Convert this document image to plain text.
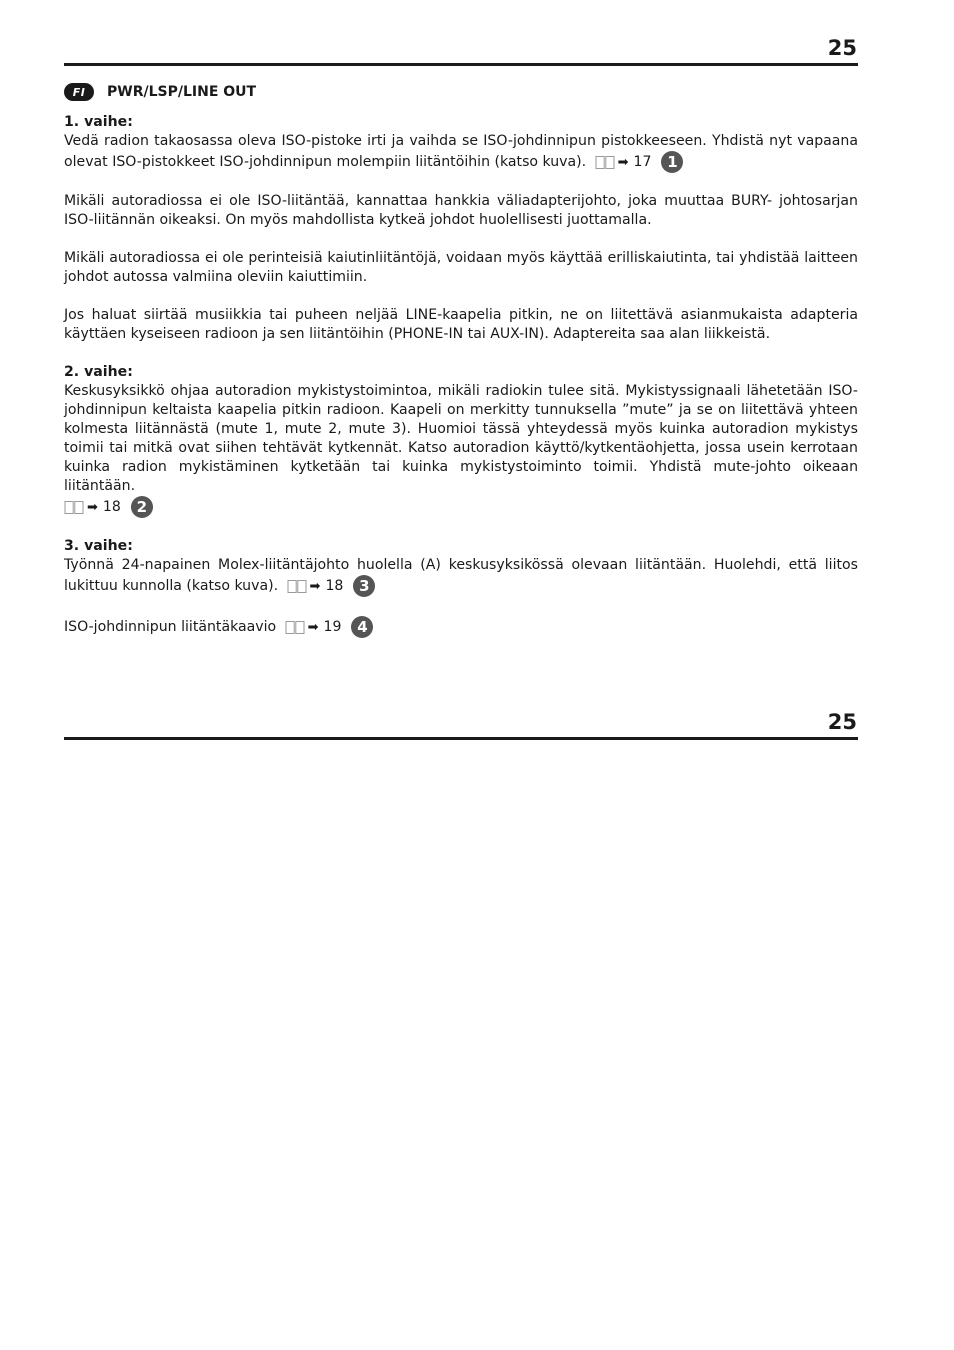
25
FI	PWR/LSP/LINE OUT
1. vaihe:

Vedä radion takaosassa oleva ISO-pistoke irti ja vaihda se ISO-johdinnipun pistokkeeseen. Yhdistä nyt vapaana olevat ISO-pistokkeet ISO-johdinnipun molempiin liitäntöihin (katso kuva). ➡ 17	1

Mikäli autoradiossa ei ole ISO-liitäntää, kannattaa hankkia väliadapterijohto, joka muuttaa BURY- johtosarjan ISO-liitännän oikeaksi. On myös mahdollista kytkeä johdot huolellisesti juottamalla.

Mikäli autoradiossa ei ole perinteisiä kaiutinliitäntöjä, voidaan myös käyttää erilliskaiutinta, tai yhdistää laitteen johdot autossa valmiina oleviin kaiuttimiin.

Jos haluat siirtää musiikkia tai puheen neljää LINE-kaapelia pitkin, ne on liitettävä asianmukaista adapteria käyttäen kyseiseen radioon ja sen liitäntöihin (PHONE-IN tai AUX-IN). Adaptereita saa alan liikkeistä.

2. vaihe:

Keskusyksikkö ohjaa autoradion mykistystoimintoa, mikäli radiokin tulee sitä. Mykistyssignaali lähetetään ISO-johdinnipun keltaista kaapelia pitkin radioon. Kaapeli on merkitty tunnuksella ”mute” ja se on liitettävä yhteen kolmesta liitännästä (mute 1, mute 2, mute 3). Huomioi tässä yhteydessä myös kuinka autoradion mykistys toimii tai mitkä ovat siihen tehtävät kytkennät. Katso autoradion käyttö/kytkentäohjetta, jossa usein kerrotaan kuinka radion mykistäminen kytketään tai kuinka mykistystoiminto toimii. Yhdistä mute-johto oikeaan liitäntään.

➡ 18	2
3. vaihe:

Työnnä 24-napainen Molex-liitäntäjohto huolella (A) keskusyksikössä olevaan liitäntään. Huolehdi, että liitos lukittuu kunnolla (katso kuva). ➡ 18	3

ISO-johdinnipun liitäntäkaavio ➡ 19	4

25
